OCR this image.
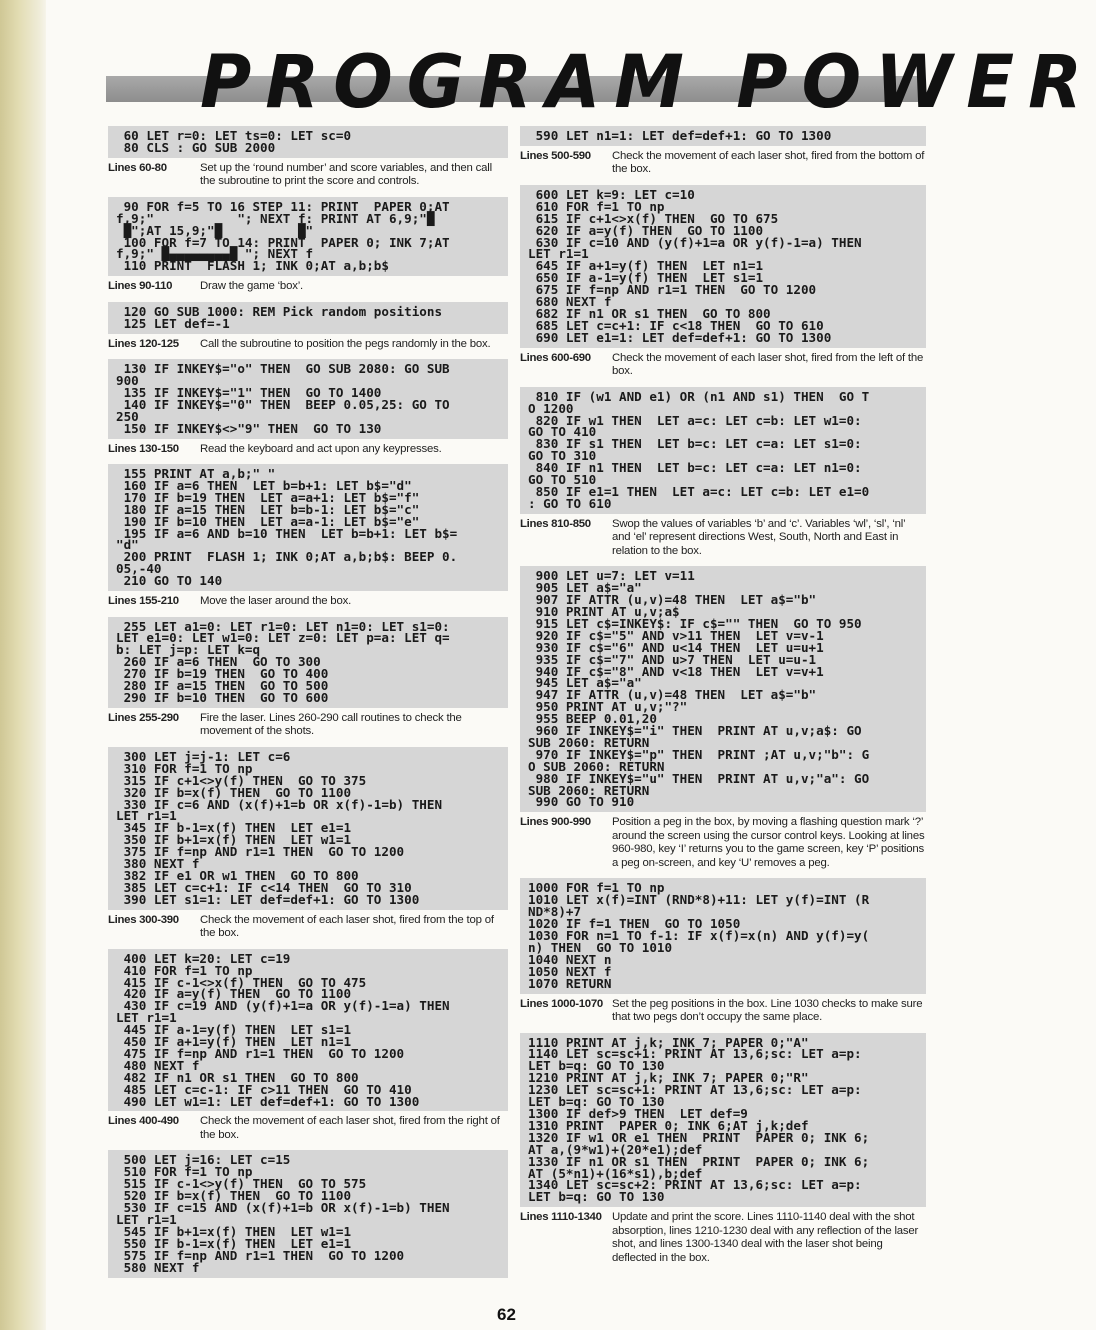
PROGRAM POWER
60 LET r=0: LET ts=0: LET sc=0
80 CLS : GO SUB 2000
Lines 60-80	Set up the ‘round number’ and score variables, and then call the subroutine to print the score and controls.
90 FOR f=5 TO 16 STEP 11: PRINT  PAPER 0;AT
f,9;"           "; NEXT f: PRINT AT 6,9;"█
█";AT 15,9;"█          █"
100 FOR f=7 TO 14: PRINT  PAPER 0; INK 7;AT
f,9;" █▄▄▄▄▄▄▄▄█ "; NEXT f
110 PRINT  FLASH 1; INK 0;AT a,b;b$
Lines 90-110	Draw the game ‘box’.
120 GO SUB 1000: REM Pick random positions
125 LET def=-1
Lines 120-125	Call the subroutine to position the pegs randomly in the box.
130 IF INKEY$="o" THEN  GO SUB 2080: GO SUB
900
135 IF INKEY$="1" THEN  GO TO 1400
140 IF INKEY$="0" THEN  BEEP 0.05,25: GO TO
250
150 IF INKEY$<>"9" THEN  GO TO 130
Lines 130-150	Read the keyboard and act upon any keypresses.
155 PRINT AT a,b;" "
160 IF a=6 THEN  LET b=b+1: LET b$="d"
170 IF b=19 THEN  LET a=a+1: LET b$="f"
180 IF a=15 THEN  LET b=b-1: LET b$="c"
190 IF b=10 THEN  LET a=a-1: LET b$="e"
195 IF a=6 AND b=10 THEN  LET b=b+1: LET b$=
"d"
200 PRINT  FLASH 1; INK 0;AT a,b;b$: BEEP 0.
05,-40
210 GO TO 140
Lines 155-210	Move the laser around the box.
255 LET a1=0: LET r1=0: LET n1=0: LET s1=0:
LET e1=0: LET w1=0: LET z=0: LET p=a: LET q=
b: LET j=p: LET k=q
260 IF a=6 THEN  GO TO 300
270 IF b=19 THEN  GO TO 400
280 IF a=15 THEN  GO TO 500
290 IF b=10 THEN  GO TO 600
Lines 255-290	Fire the laser. Lines 260-290 call routines to check the movement of the shots.
300 LET j=j-1: LET c=6
310 FOR f=1 TO np
315 IF c+1<>y(f) THEN  GO TO 375
320 IF b=x(f) THEN  GO TO 1100
330 IF c=6 AND (x(f)+1=b OR x(f)-1=b) THEN
LET r1=1
345 IF b-1=x(f) THEN  LET e1=1
350 IF b+1=x(f) THEN  LET w1=1
375 IF f=np AND r1=1 THEN  GO TO 1200
380 NEXT f
382 IF e1 OR w1 THEN  GO TO 800
385 LET c=c+1: IF c<14 THEN  GO TO 310
390 LET s1=1: LET def=def+1: GO TO 1300
Lines 300-390	Check the movement of each laser shot, fired from the top of the box.
400 LET k=20: LET c=19
410 FOR f=1 TO np
415 IF c-1<>x(f) THEN  GO TO 475
420 IF a=y(f) THEN  GO TO 1100
430 IF c=19 AND (y(f)+1=a OR y(f)-1=a) THEN
LET r1=1
445 IF a-1=y(f) THEN  LET s1=1
450 IF a+1=y(f) THEN  LET n1=1
475 IF f=np AND r1=1 THEN  GO TO 1200
480 NEXT f
482 IF n1 OR s1 THEN  GO TO 800
485 LET c=c-1: IF c>11 THEN  GO TO 410
490 LET w1=1: LET def=def+1: GO TO 1300
Lines 400-490	Check the movement of each laser shot, fired from the right of the box.
500 LET j=16: LET c=15
510 FOR f=1 TO np
515 IF c-1<>y(f) THEN  GO TO 575
520 IF b=x(f) THEN  GO TO 1100
530 IF c=15 AND (x(f)+1=b OR x(f)-1=b) THEN
LET r1=1
545 IF b+1=x(f) THEN  LET w1=1
550 IF b-1=x(f) THEN  LET e1=1
575 IF f=np AND r1=1 THEN  GO TO 1200
580 NEXT f
590 LET n1=1: LET def=def+1: GO TO 1300
Lines 500-590	Check the movement of each laser shot, fired from the bottom of the box.
600 LET k=9: LET c=10
610 FOR f=1 TO np
615 IF c+1<>x(f) THEN  GO TO 675
620 IF a=y(f) THEN  GO TO 1100
630 IF c=10 AND (y(f)+1=a OR y(f)-1=a) THEN
LET r1=1
645 IF a+1=y(f) THEN  LET n1=1
650 IF a-1=y(f) THEN  LET s1=1
675 IF f=np AND r1=1 THEN  GO TO 1200
680 NEXT f
682 IF n1 OR s1 THEN  GO TO 800
685 LET c=c+1: IF c<18 THEN  GO TO 610
690 LET e1=1: LET def=def+1: GO TO 1300
Lines 600-690	Check the movement of each laser shot, fired from the left of the box.
810 IF (w1 AND e1) OR (n1 AND s1) THEN  GO T
O 1200
820 IF w1 THEN  LET a=c: LET c=b: LET w1=0:
GO TO 410
830 IF s1 THEN  LET b=c: LET c=a: LET s1=0:
GO TO 310
840 IF n1 THEN  LET b=c: LET c=a: LET n1=0:
GO TO 510
850 IF e1=1 THEN  LET a=c: LET c=b: LET e1=0
: GO TO 610
Lines 810-850	Swop the values of variables ‘b’ and ‘c’. Variables ‘wl’, ‘sl’, ‘nl’ and ‘el’ represent directions West, South, North and East in relation to the box.
900 LET u=7: LET v=11
905 LET a$="a"
907 IF ATTR (u,v)=48 THEN  LET a$="b"
910 PRINT AT u,v;a$
915 LET c$=INKEY$: IF c$="" THEN  GO TO 950
920 IF c$="5" AND v>11 THEN  LET v=v-1
930 IF c$="6" AND u<14 THEN  LET u=u+1
935 IF c$="7" AND u>7 THEN  LET u=u-1
940 IF c$="8" AND v<18 THEN  LET v=v+1
945 LET a$="a"
947 IF ATTR (u,v)=48 THEN  LET a$="b"
950 PRINT AT u,v;"?"
955 BEEP 0.01,20
960 IF INKEY$="i" THEN  PRINT AT u,v;a$: GO
SUB 2060: RETURN
970 IF INKEY$="p" THEN  PRINT ;AT u,v;"b": G
O SUB 2060: RETURN
980 IF INKEY$="u" THEN  PRINT AT u,v;"a": GO
SUB 2060: RETURN
990 GO TO 910
Lines 900-990	Position a peg in the box, by moving a flashing question mark ‘?’ around the screen using the cursor control keys. Looking at lines 960-980, key ‘I’ returns you to the game screen, key ‘P’ positions a peg on-screen, and key ‘U’ removes a peg.
1000 FOR f=1 TO np
1010 LET x(f)=INT (RND*8)+11: LET y(f)=INT (R
ND*8)+7
1020 IF f=1 THEN  GO TO 1050
1030 FOR n=1 TO f-1: IF x(f)=x(n) AND y(f)=y(
n) THEN  GO TO 1010
1040 NEXT n
1050 NEXT f
1070 RETURN
Lines 1000-1070 Set the peg positions in the box. Line 1030 checks to make sure that two pegs don’t occupy the same place.
1110 PRINT AT j,k; INK 7; PAPER 0;"A"
1140 LET sc=sc+1: PRINT AT 13,6;sc: LET a=p:
LET b=q: GO TO 130
1210 PRINT AT j,k; INK 7; PAPER 0;"R"
1230 LET sc=sc+1: PRINT AT 13,6;sc: LET a=p:
LET b=q: GO TO 130
1300 IF def>9 THEN  LET def=9
1310 PRINT  PAPER 0; INK 6;AT j,k;def
1320 IF w1 OR e1 THEN  PRINT  PAPER 0; INK 6;
AT a,(9*w1)+(20*e1);def
1330 IF n1 OR s1 THEN  PRINT  PAPER 0; INK 6;
AT (5*n1)+(16*s1),b;def
1340 LET sc=sc+2: PRINT AT 13,6;sc: LET a=p:
LET b=q: GO TO 130
Lines 1110-1340 Update and print the score. Lines 1110-1140 deal with the shot absorption, lines 1210-1230 deal with any reflection of the laser shot, and lines 1300-1340 deal with the laser shot being deflected in the box.
62
